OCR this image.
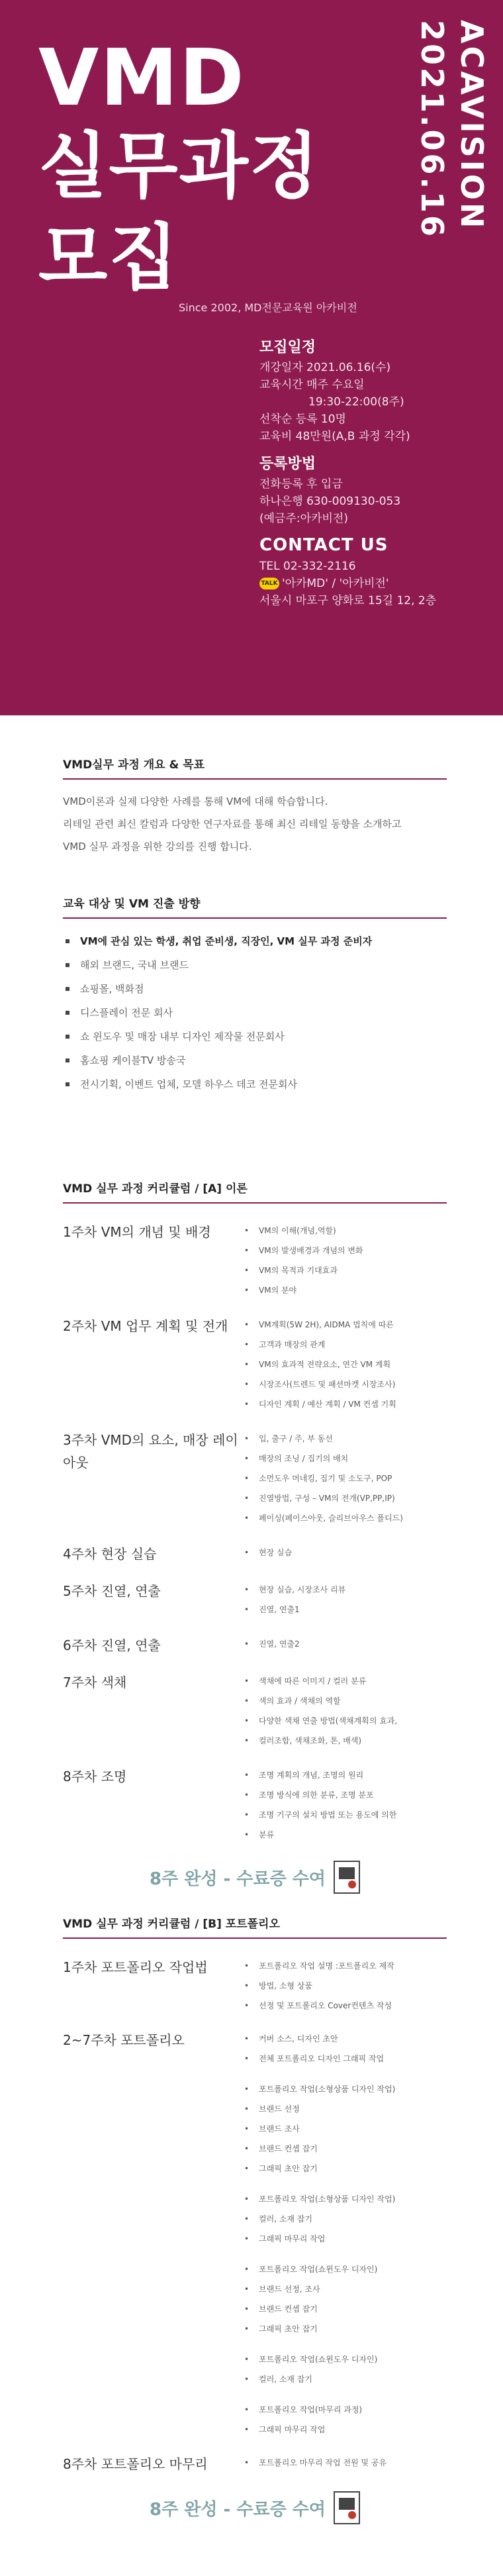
VMD
실무과정
모집
Since 2002, MD전문교육원 아카비전
ACAVISION
2021.06.16
모집일정
개강일자 2021.06.16(수)
교육시간 매주 수요일
19:30-22:00(8주)
선착순 등록 10명
교육비 48만원(A,B 과정 각각)
등록방법
전화등록 후 입금
하나은행 630-009130-053
(예금주:아카비전)
CONTACT US
TEL 02-332-2116
TALK '아카MD' / '아카비전'
서울시 마포구 양화로 15길 12, 2층
VMD실무 과정 개요 & 목표
VMD이론과 실제 다양한 사례를 통해 VM에 대해 학습합니다.
리테일 관련 최신 칼럼과 다양한 연구자료를 통해 최신 리테일 동향을 소개하고
VMD 실무 과정을 위한 강의를 진행 합니다.
교육 대상 및 VM 진출 방향
VM에 관심 있는 학생, 취업 준비생, 직장인, VM 실무 과정 준비자
해외 브랜드, 국내 브랜드
쇼핑몰, 백화점
디스플레이 전문 회사
쇼 윈도우 및 매장 내부 디자인 제작물 전문회사
홈쇼핑 케이블TV 방송국
전시기획, 이벤트 업체, 모델 하우스 데코 전문회사
VMD 실무 과정 커리큘럼 / [A] 이론
1주차 VM의 개념 및 배경	• VM의 이해(개념,역할)
• VM의 발생배경과 개념의 변화
• VM의 목적과 기대효과
• VM의 분야
2주차 VM 업무 계획 및 전개	• VM계획(5W 2H), AIDMA 법칙에 따른
• 고객과 매장의 관계
• VM의 효과적 전략요소, 연간 VM 계획
• 시장조사(트렌드 및 패션마켓 시장조사)
• 디자인 계획 / 예산 계획 / VM 컨셉 기획
3주차 VMD의 요소, 매장 레이아웃
• 입, 출구 / 주, 부 동선
• 매장의 조닝 / 집기의 배치
• 소먼도우 머네킹, 집기 및 소도구, POP
• 진열방법, 구성 – VM의 전개(VP,PP,IP)
• 페이싱(페이스아웃, 슬리브아우스 폴디드)
4주차 현장 실습	• 현장 실습
5주차 진열, 연출	• 현장 실습, 시장조사 리뷰
• 진열, 연출1
6주차 진열, 연출	• 진열, 연출2
7주차 색채	• 색채에 따른 이미지 / 컬러 분류
• 색의 효과 / 색채의 역할
• 다양한 색채 연출 방법(색채계획의 효과,
• 컬러조합, 색채조화, 톤, 배색)
8주차 조명	• 조명 계획의 개념, 조명의 원리
• 조명 방식에 의한 분류, 조명 분포
• 조명 기구의 설치 방법 또는 용도에 의한
• 분류
8주 완성 - 수료증 수여
VMD 실무 과정 커리큘럼 / [B] 포트폴리오
1주차 포트폴리오 작업법	• 포트폴리오 작업 설명 :포트폴리오 제작
• 방법, 소형 상품
• 선정 및 포트폴리오 Cover컨텐츠 작성
2~7주차 포트폴리오	• 커버 소스, 디자인 초안
• 전체 포트폴리오 디자인 그래픽 작업
• 포트폴리오 작업(소형상품 디자인 작업)
• 브랜드 선정
• 브랜드 조사
• 브랜드 컨셉 잡기
• 그래픽 초안 잡기
• 포트폴리오 작업(소형상품 디자인 작업)
• 컬러, 소재 잡기
• 그래픽 마무리 작업
• 포트폴리오 작업(쇼윈도우 디자인)
• 브랜드 선정, 조사
• 브랜드 컨셉 잡기
• 그래픽 초안 잡기
• 포트폴리오 작업(쇼윈도우 디자인)
• 컬러, 소재 잡기
• 포트폴리오 작업(마무리 과정)
• 그래픽 마무리 작업
8주차 포트폴리오 마무리	• 포트폴리오 마무리 작업 전원 및 공유
8주 완성 - 수료증 수여
